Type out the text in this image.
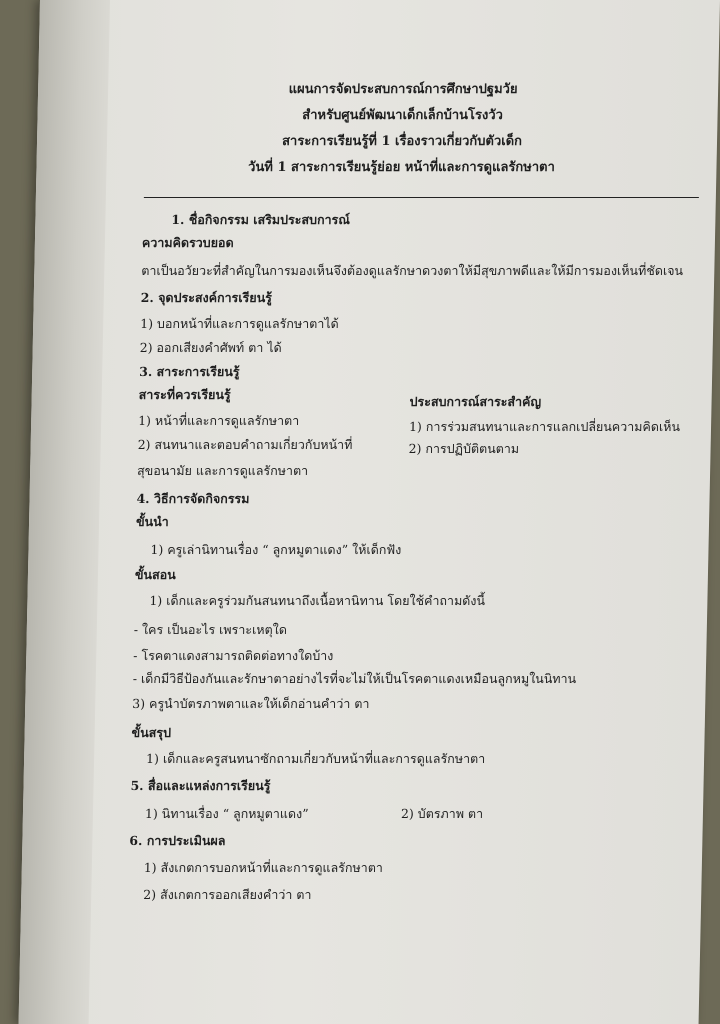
แผนการจัดประสบการณ์การศึกษาปฐมวัย
สำหรับศูนย์พัฒนาเด็กเล็กบ้านโรงวัว
สาระการเรียนรู้ที่ 1 เรื่องราวเกี่ยวกับตัวเด็ก
วันที่ 1 สาระการเรียนรู้ย่อย หน้าที่และการดูแลรักษาตา
1. ชื่อกิจกรรม เสริมประสบการณ์
ความคิดรวบยอด
ตาเป็นอวัยวะที่สำคัญในการมองเห็นจึงต้องดูแลรักษาดวงตาให้มีสุขภาพดีและให้มีการมองเห็นที่ชัดเจน
2. จุดประสงค์การเรียนรู้
1) บอกหน้าที่และการดูแลรักษาตาได้
2) ออกเสียงคำศัพท์ ตา ได้
3. สาระการเรียนรู้
สาระที่ควรเรียนรู้	ประสบการณ์สาระสำคัญ
1) หน้าที่และการดูแลรักษาตา	1) การร่วมสนทนาและการแลกเปลี่ยนความคิดเห็น
2) สนทนาและตอบคำถามเกี่ยวกับหน้าที่	2) การปฏิบัติตนตาม
สุขอนามัย และการดูแลรักษาตา
4. วิธีการจัดกิจกรรม
ขั้นนำ
1) ครูเล่านิทานเรื่อง “ ลูกหมูตาแดง” ให้เด็กฟัง
ขั้นสอน
1) เด็กและครูร่วมกันสนทนาถึงเนื้อหานิทาน โดยใช้คำถามดังนี้
- ใคร เป็นอะไร เพราะเหตุใด
- โรคตาแดงสามารถติดต่อทางใดบ้าง
- เด็กมีวิธีป้องกันและรักษาตาอย่างไรที่จะไม่ให้เป็นโรคตาแดงเหมือนลูกหมูในนิทาน
3) ครูนำบัตรภาพตาและให้เด็กอ่านคำว่า ตา
ขั้นสรุป
1) เด็กและครูสนทนาซักถามเกี่ยวกับหน้าที่และการดูแลรักษาตา
5. สื่อและแหล่งการเรียนรู้
1) นิทานเรื่อง “ ลูกหมูตาแดง”	2) บัตรภาพ ตา
6. การประเมินผล
1) สังเกตการบอกหน้าที่และการดูแลรักษาตา
2) สังเกตการออกเสียงคำว่า ตา
